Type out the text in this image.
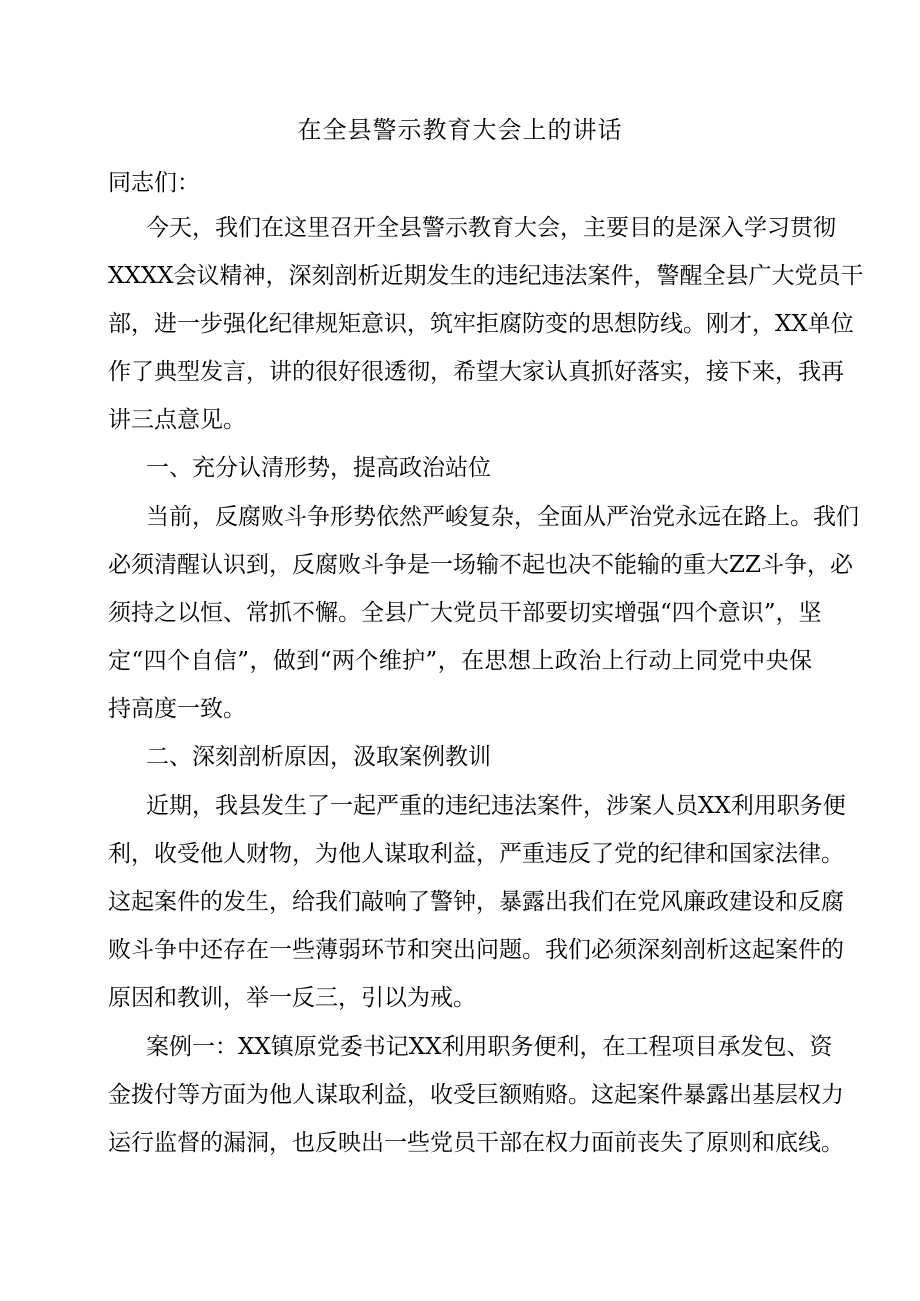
在全县警示教育大会上的讲话
同志们：
今天，我们在这里召开全县警示教育大会，主要目的是深入学习贯彻
XXXX会议精神，深刻剖析近期发生的违纪违法案件，警醒全县广大党员干
部，进一步强化纪律规矩意识，筑牢拒腐防变的思想防线。刚才，XX单位
作了典型发言，讲的很好很透彻，希望大家认真抓好落实，接下来，我再
讲三点意见。
一、充分认清形势，提高政治站位
当前，反腐败斗争形势依然严峻复杂，全面从严治党永远在路上。我们
必须清醒认识到，反腐败斗争是一场输不起也决不能输的重大ZZ斗争，必
须持之以恒、常抓不懈。全县广大党员干部要切实增强“四个意识”，坚
定“四个自信”，做到“两个维护”，在思想上政治上行动上同党中央保
持高度一致。
二、深刻剖析原因，汲取案例教训
近期，我县发生了一起严重的违纪违法案件，涉案人员XX利用职务便
利，收受他人财物，为他人谋取利益，严重违反了党的纪律和国家法律。
这起案件的发生，给我们敲响了警钟，暴露出我们在党风廉政建设和反腐
败斗争中还存在一些薄弱环节和突出问题。我们必须深刻剖析这起案件的
原因和教训，举一反三，引以为戒。
案例一：XX镇原党委书记XX利用职务便利，在工程项目承发包、资
金拨付等方面为他人谋取利益，收受巨额贿赂。这起案件暴露出基层权力
运行监督的漏洞，也反映出一些党员干部在权力面前丧失了原则和底线。
